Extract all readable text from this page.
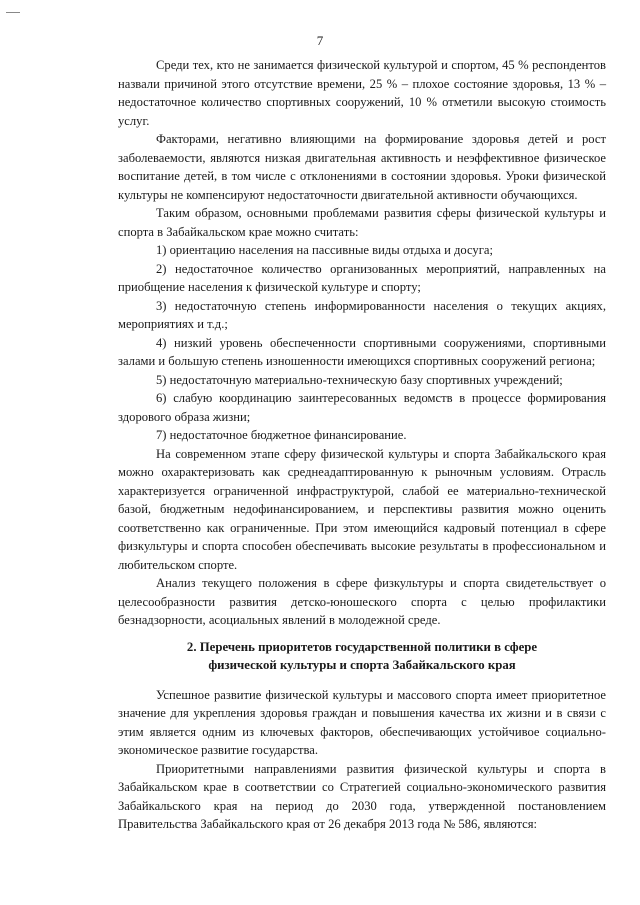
7

Среди тех, кто не занимается физической культурой и спортом, 45 % респондентов назвали причиной этого отсутствие времени, 25 % – плохое состояние здоровья, 13 % – недостаточное количество спортивных сооружений, 10 % отметили высокую стоимость услуг.

Факторами, негативно влияющими на формирование здоровья детей и рост заболеваемости, являются низкая двигательная активность и неэффективное физическое воспитание детей, в том числе с отклонениями в состоянии здоровья. Уроки физической культуры не компенсируют недостаточности двигательной активности обучающихся.

Таким образом, основными проблемами развития сферы физической культуры и спорта в Забайкальском крае можно считать:

1) ориентацию населения на пассивные виды отдыха и досуга;

2) недостаточное количество организованных мероприятий, направленных на приобщение населения к физической культуре и спорту;

3) недостаточную степень информированности населения о текущих акциях, мероприятиях и т.д.;

4) низкий уровень обеспеченности спортивными сооружениями, спортивными залами и большую степень изношенности имеющихся спортивных сооружений региона;

5) недостаточную материально-техническую базу спортивных учреждений;

6) слабую координацию заинтересованных ведомств в процессе формирования здорового образа жизни;

7) недостаточное бюджетное финансирование.

На современном этапе сферу физической культуры и спорта Забайкальского края можно охарактеризовать как среднеадаптированную к рыночным условиям. Отрасль характеризуется ограниченной инфраструктурой, слабой ее материально-технической базой, бюджетным недофинансированием, и перспективы развития можно оценить соответственно как ограниченные. При этом имеющийся кадровый потенциал в сфере физкультуры и спорта способен обеспечивать высокие результаты в профессиональном и любительском спорте.

Анализ текущего положения в сфере физкультуры и спорта свидетельствует о целесообразности развития детско-юношеского спорта с целью профилактики безнадзорности, асоциальных явлений в молодежной среде.

2. Перечень приоритетов государственной политики в сфере
физической культуры и спорта Забайкальского края

Успешное развитие физической культуры и массового спорта имеет приоритетное значение для укрепления здоровья граждан и повышения качества их жизни и в связи с этим является одним из ключевых факторов, обеспечивающих устойчивое социально-экономическое развитие государства.

Приоритетными направлениями развития физической культуры и спорта в Забайкальском крае в соответствии со Стратегией социально-экономического развития Забайкальского края на период до 2030 года, утвержденной постановлением Правительства Забайкальского края от 26 декабря 2013 года № 586, являются:
